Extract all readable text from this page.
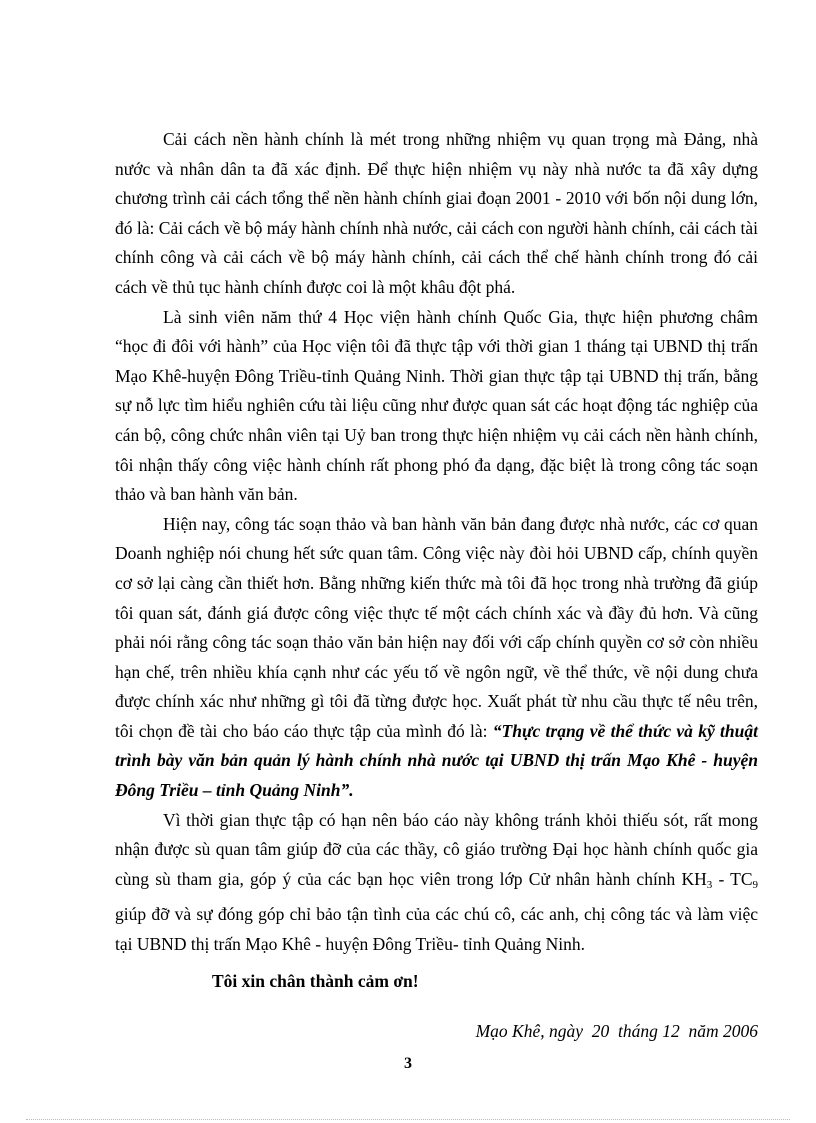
Cải cách nền hành chính là mét trong những nhiệm vụ quan trọng mà Đảng, nhà nước và nhân dân ta đã xác định. Để thực hiện nhiệm vụ này nhà nước ta đã xây dựng chương trình cải cách tổng thể nền hành chính giai đoạn 2001 - 2010 với bốn nội dung lớn, đó là: Cải cách về bộ máy hành chính nhà nước, cải cách con người hành chính, cải cách tài chính công và cải cách về bộ máy hành chính, cải cách thể chế hành chính trong đó cải cách về thủ tục hành chính được coi là một khâu đột phá.

Là sinh viên năm thứ 4 Học viện hành chính Quốc Gia, thực hiện phương châm “học đi đôi với hành” của Học viện tôi đã thực tập với thời gian 1 tháng tại UBND thị trấn Mạo Khê-huyện Đông Triều-tỉnh Quảng Ninh. Thời gian thực tập tại UBND thị trấn, bằng sự nỗ lực tìm hiểu nghiên cứu tài liệu cũng như được quan sát các hoạt động tác nghiệp của cán bộ, công chức nhân viên tại Uỷ ban trong thực hiện nhiệm vụ cải cách nền hành chính, tôi nhận thấy công việc hành chính rất phong phó đa dạng, đặc biệt là trong công tác soạn thảo và ban hành văn bản.

Hiện nay, công tác soạn thảo và ban hành văn bản đang được nhà nước, các cơ quan Doanh nghiệp nói chung hết sức quan tâm. Công việc này đòi hỏi UBND cấp, chính quyền cơ sở lại càng cần thiết hơn. Bằng những kiến thức mà tôi đã học trong nhà trường đã giúp tôi quan sát, đánh giá được công việc thực tế một cách chính xác và đầy đủ hơn. Và cũng phải nói rằng công tác soạn thảo văn bản hiện nay đối với cấp chính quyền cơ sở còn nhiều hạn chế, trên nhiều khía cạnh như các yếu tố về ngôn ngữ, về thể thức, về nội dung chưa được chính xác như những gì tôi đã từng được học. Xuất phát từ nhu cầu thực tế nêu trên, tôi chọn đề tài cho báo cáo thực tập của mình đó là: “Thực trạng về thể thức và kỹ thuật trình bày văn bản quản lý hành chính nhà nước tại UBND thị trấn Mạo Khê - huyện Đông Triều – tỉnh Quảng Ninh”.

Vì thời gian thực tập có hạn nên báo cáo này không tránh khỏi thiếu sót, rất mong nhận được sù quan tâm giúp đỡ của các thầy, cô giáo trường Đại học hành chính quốc gia cùng sù tham gia, góp ý của các bạn học viên trong lớp Cử nhân hành chính $KH_3 - TC_9$ giúp đỡ và sự đóng góp chỉ bảo tận tình của các chú cô, các anh, chị công tác và làm việc tại UBND thị trấn Mạo Khê - huyện Đông Triều- tỉnh Quảng Ninh.

Tôi xin chân thành cảm ơn!
Mạo Khê, ngày  20  tháng 12  năm 2006
3
